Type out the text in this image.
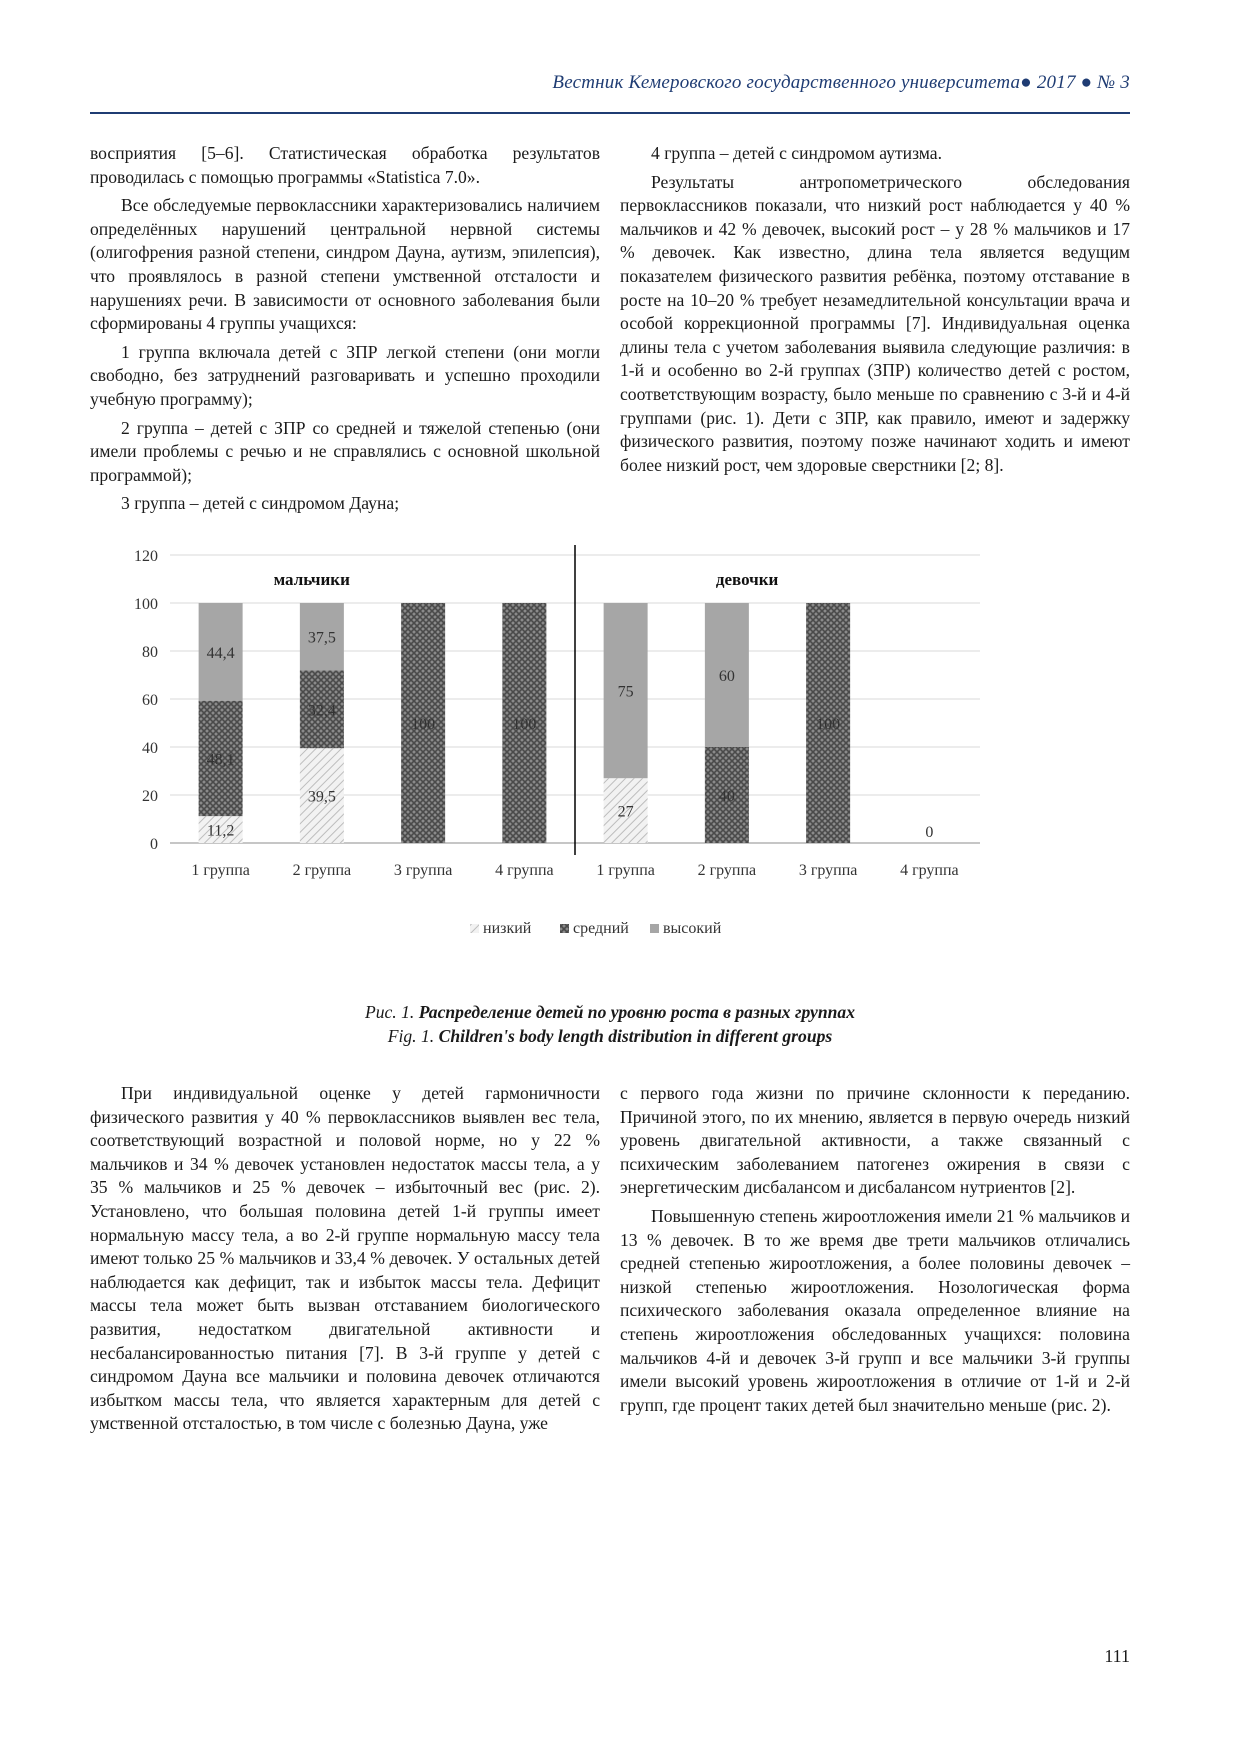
Вестник Кемеровского государственного университета● 2017 ● № 3

восприятия [5–6]. Статистическая обработка результатов проводилась с помощью программы «Statistica 7.0».

Все обследуемые первоклассники характеризовались наличием определённых нарушений центральной нервной системы (олигофрения разной степени, синдром Дауна, аутизм, эпилепсия), что проявлялось в разной степени умственной отсталости и нарушениях речи. В зависимости от основного заболевания были сформированы 4 группы учащихся:

1 группа включала детей с ЗПР легкой степени (они могли свободно, без затруднений разговаривать и успешно проходили учебную программу);

2 группа – детей с ЗПР со средней и тяжелой степенью (они имели проблемы с речью и не справлялись с основной школьной программой);

3 группа – детей с синдромом Дауна;

4 группа – детей с синдромом аутизма.

Результаты антропометрического обследования первоклассников показали, что низкий рост наблюдается у 40 % мальчиков и 42 % девочек, высокий рост – у 28 % мальчиков и 17 % девочек. Как известно, длина тела является ведущим показателем физического развития ребёнка, поэтому отставание в росте на 10–20 % требует незамедлительной консультации врача и особой коррекционной программы [7]. Индивидуальная оценка длины тела с учетом заболевания выявила следующие различия: в 1-й и особенно во 2-й группах (ЗПР) количество детей с ростом, соответствующим возрасту, было меньше по сравнению с 3-й и 4-й группами (рис. 1). Дети с ЗПР, как правило, имеют и задержку физического развития, поэтому позже начинают ходить и имеют более низкий рост, чем здоровые сверстники [2; 8].

0
20
40
60
80
100
120
мальчики	девочки
11,2
48,1
44,4
1 группа
39,5
32,4
37,5
2 группа
100
3 группа
100
4 группа
27
75
1 группа
40
60
2 группа
100
3 группа
0
4 группа
низкий	средний высокий
Рис. 1. Распределение детей по уровню роста в разных группах
Fig. 1. Children's body length distribution in different groups

При индивидуальной оценке у детей гармоничности физического развития у 40 % первоклассников выявлен вес тела, соответствующий возрастной и половой норме, но у 22 % мальчиков и 34 % девочек установлен недостаток массы тела, а у 35 % мальчиков и 25 % девочек – избыточный вес (рис. 2). Установлено, что большая половина детей 1-й группы имеет нормальную массу тела, а во 2-й группе нормальную массу тела имеют только 25 % мальчиков и 33,4 % девочек. У остальных детей наблюдается как дефицит, так и избыток массы тела. Дефицит массы тела может быть вызван отставанием биологического развития, недостатком двигательной активности и несбалансированностью питания [7]. В 3-й группе у детей с синдромом Дауна все мальчики и половина девочек отличаются избытком массы тела, что является характерным для детей с умственной отсталостью, в том числе с болезнью Дауна, уже

с первого года жизни по причине склонности к переданию. Причиной этого, по их мнению, является в первую очередь низкий уровень двигательной активности, а также связанный с психическим заболеванием патогенез ожирения в связи с энергетическим дисбалансом и дисбалансом нутриентов [2].

Повышенную степень жироотложения имели 21 % мальчиков и 13 % девочек. В то же время две трети мальчиков отличались средней степенью жироотложения, а более половины девочек – низкой степенью жироотложения. Нозологическая форма психического заболевания оказала определенное влияние на степень жироотложения обследованных учащихся: половина мальчиков 4-й и девочек 3-й групп и все мальчики 3-й группы имели высокий уровень жироотложения в отличие от 1-й и 2-й групп, где процент таких детей был значительно меньше (рис. 2).

111
